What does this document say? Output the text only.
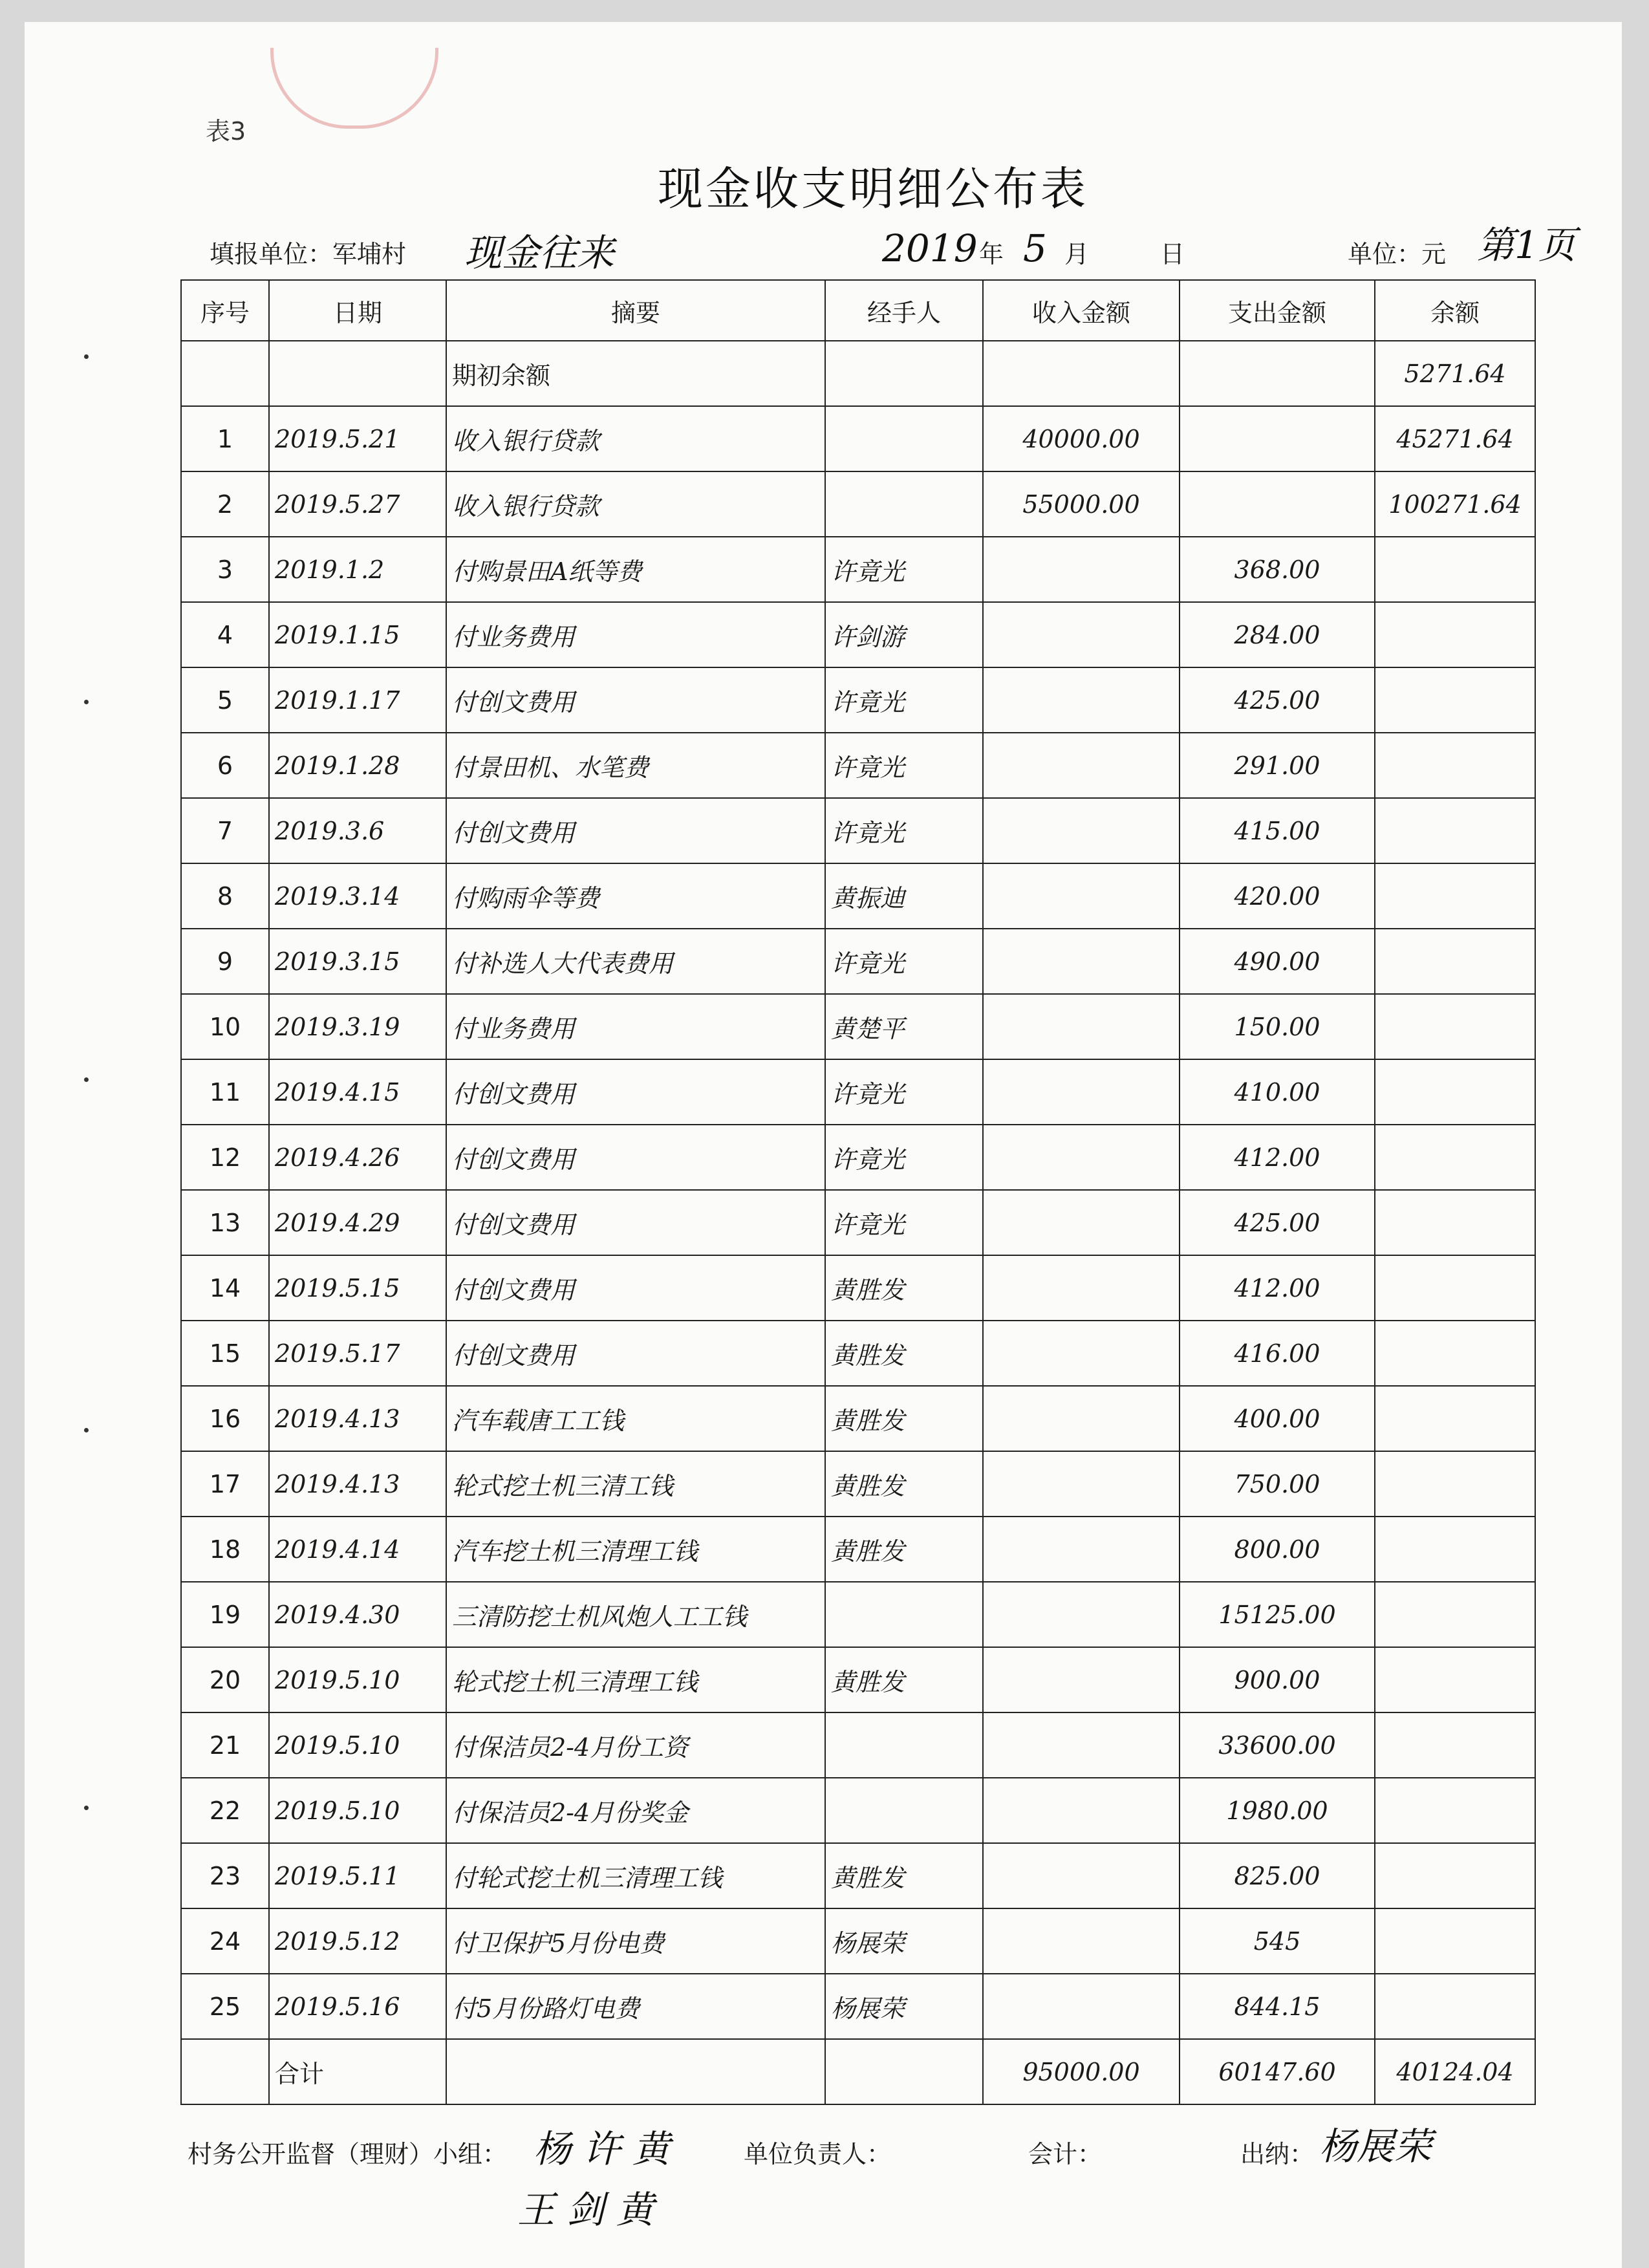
表3
现金收支明细公布表
填报单位：军埔村 现金往来	2019 年 5 月	日	单位：元 第1页
序号	日期	摘要	经手人	收入金额	支出金额	余额
		期初余额				5271.64
1	2019.5.21	收入银行贷款		40000.00		45271.64
2	2019.5.27	收入银行贷款		55000.00		100271.64
3	2019.1.2	付购景田A纸等费	许竟光		368.00	
4	2019.1.15	付业务费用	许剑游		284.00	
5	2019.1.17	付创文费用	许竟光		425.00	
6	2019.1.28	付景田机、水笔费	许竟光		291.00	
7	2019.3.6	付创文费用	许竟光		415.00	
8	2019.3.14	付购雨伞等费	黄振迪		420.00	
9	2019.3.15	付补选人大代表费用	许竟光		490.00	
10	2019.3.19	付业务费用	黄楚平		150.00	
11	2019.4.15	付创文费用	许竟光		410.00	
12	2019.4.26	付创文费用	许竟光		412.00	
13	2019.4.29	付创文费用	许竟光		425.00	
14	2019.5.15	付创文费用	黄胜发		412.00	
15	2019.5.17	付创文费用	黄胜发		416.00	
16	2019.4.13	汽车载唐工工钱	黄胜发		400.00	
17	2019.4.13	轮式挖土机三清工钱	黄胜发		750.00	
18	2019.4.14	汽车挖土机三清理工钱	黄胜发		800.00	
19	2019.4.30	三清防挖土机风炮人工工钱			15125.00	
20	2019.5.10	轮式挖土机三清理工钱	黄胜发		900.00	
21	2019.5.10	付保洁员2-4月份工资			33600.00	
22	2019.5.10	付保洁员2-4月份奖金			1980.00	
23	2019.5.11	付轮式挖土机三清理工钱	黄胜发		825.00	
24	2019.5.12	付卫保护5月份电费	杨展荣		545	
25	2019.5.16	付5月份路灯电费	杨展荣		844.15	
	合计			95000.00	60147.60	40124.04
村务公开监督（理财）小组： 杨 许 黄
王 剑 黄
单位负责人：	会计：	出纳： 杨展荣
